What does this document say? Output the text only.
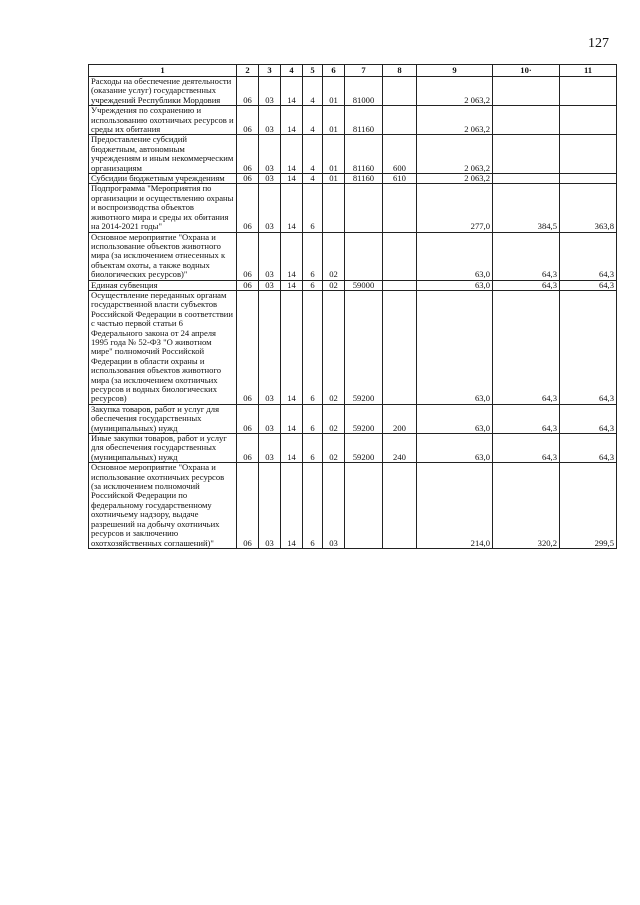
127
1	2	3	4	5	6	7	8	9	10·	11
Расходы на обеспечение деятельности (оказание услуг) государственных учреждений Республики Мордовия	06	03	14	4	01	81000		2 063,2		
Учреждения по сохранению и использованию охотничьих ресурсов и среды их обитания	06	03	14	4	01	81160		2 063,2		
Предоставление субсидий бюджетным, автономным учреждениям и иным некоммерческим организациям	06	03	14	4	01	81160	600	2 063,2		
Субсидии бюджетным учреждениям	06	03	14	4	01	81160	610	2 063,2		
Подпрограмма "Мероприятия по организации и осуществлению охраны и воспроизводства объектов животного мира и среды их обитания на 2014-2021 годы"	06	03	14	6				277,0	384,5	363,8
Основное мероприятие "Охрана и использование объектов животного мира (за исключением отнесенных к объектам охоты, а также водных биологических ресурсов)"	06	03	14	6	02			63,0	64,3	64,3
Единая субвенция	06	03	14	6	02	59000		63,0	64,3	64,3
Осуществление переданных органам государственной власти субъектов Российской Федерации в соответствии с частью первой статьи 6 Федерального закона от 24 апреля 1995 года № 52-ФЗ "О животном мире" полномочий Российской Федерации в области охраны и использования объектов животного мира (за исключением охотничьих ресурсов и водных биологических ресурсов)	06	03	14	6	02	59200		63,0	64,3	64,3
Закупка товаров, работ и услуг для обеспечения государственных (муниципальных) нужд	06	03	14	6	02	59200	200	63,0	64,3	64,3
Иные закупки товаров, работ и услуг для обеспечения государственных (муниципальных) нужд	06	03	14	6	02	59200	240	63,0	64,3	64,3
Основное мероприятие "Охрана и использование охотничьих ресурсов (за исключением полномочий Российской Федерации по федеральному государственному охотничьему надзору, выдаче разрешений на добычу охотничьих ресурсов и заключению охотхозяйственных соглашений)"	06	03	14	6	03			214,0	320,2	299,5
